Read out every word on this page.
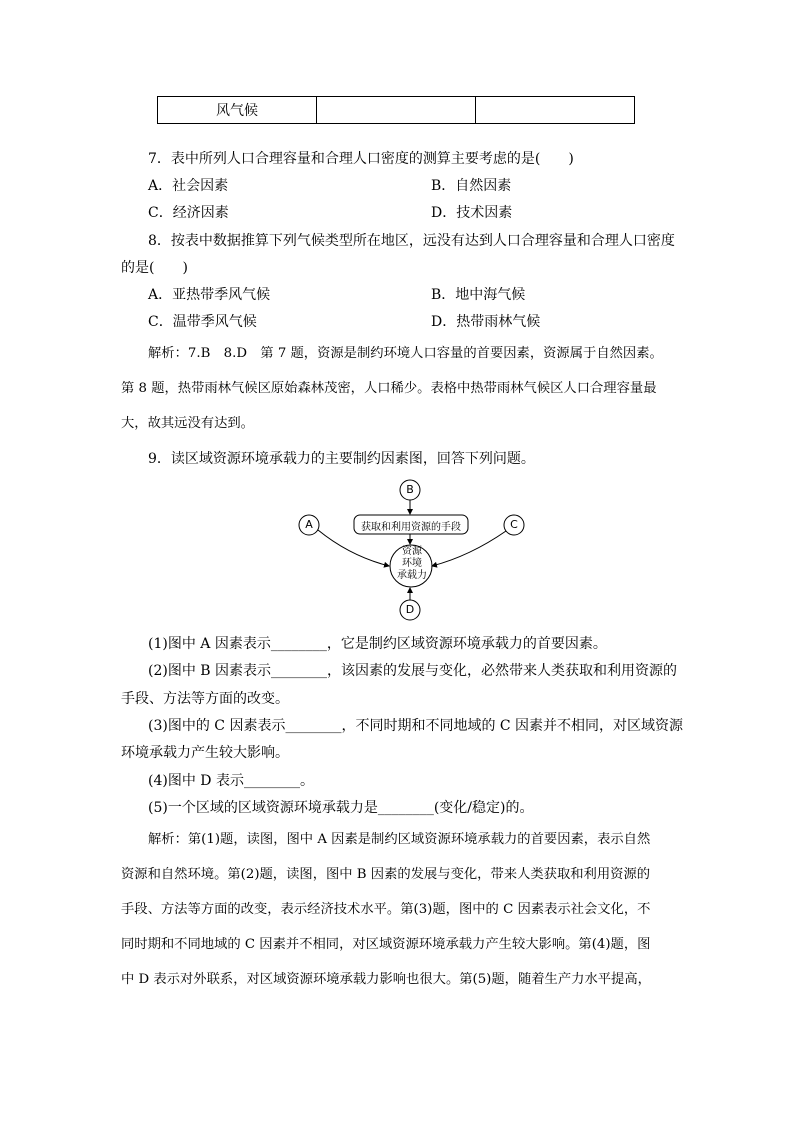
风气候		
7．表中所列人口合理容量和合理人口密度的测算主要考虑的是(　　)
A．社会因素	B．自然因素
C．经济因素	D．技术因素
8．按表中数据推算下列气候类型所在地区，远没有达到人口合理容量和合理人口密度
的是(　　)
A．亚热带季风气候	B．地中海气候
C．温带季风气候	D．热带雨林气候
解析：7.B　8.D　第 7 题，资源是制约环境人口容量的首要因素，资源属于自然因素。
第 8 题，热带雨林气候区原始森林茂密，人口稀少。表格中热带雨林气候区人口合理容量最
大，故其远没有达到。
9．读区域资源环境承载力的主要制约因素图，回答下列问题。
B
A	C
D
获取和利用资源的手段
资源
环境
承载力
(1)图中 A 因素表示________，它是制约区域资源环境承载力的首要因素。
(2)图中 B 因素表示________，该因素的发展与变化，必然带来人类获取和利用资源的
手段、方法等方面的改变。
(3)图中的 C 因素表示________，不同时期和不同地域的 C 因素并不相同，对区域资源
环境承载力产生较大影响。
(4)图中 D 表示________。
(5)一个区域的区域资源环境承载力是________(变化/稳定)的。
解析：第(1)题，读图，图中 A 因素是制约区域资源环境承载力的首要因素，表示自然
资源和自然环境。第(2)题，读图，图中 B 因素的发展与变化，带来人类获取和利用资源的
手段、方法等方面的改变，表示经济技术水平。第(3)题，图中的 C 因素表示社会文化，不
同时期和不同地域的 C 因素并不相同，对区域资源环境承载力产生较大影响。第(4)题，图
中 D 表示对外联系，对区域资源环境承载力影响也很大。第(5)题，随着生产力水平提高，
